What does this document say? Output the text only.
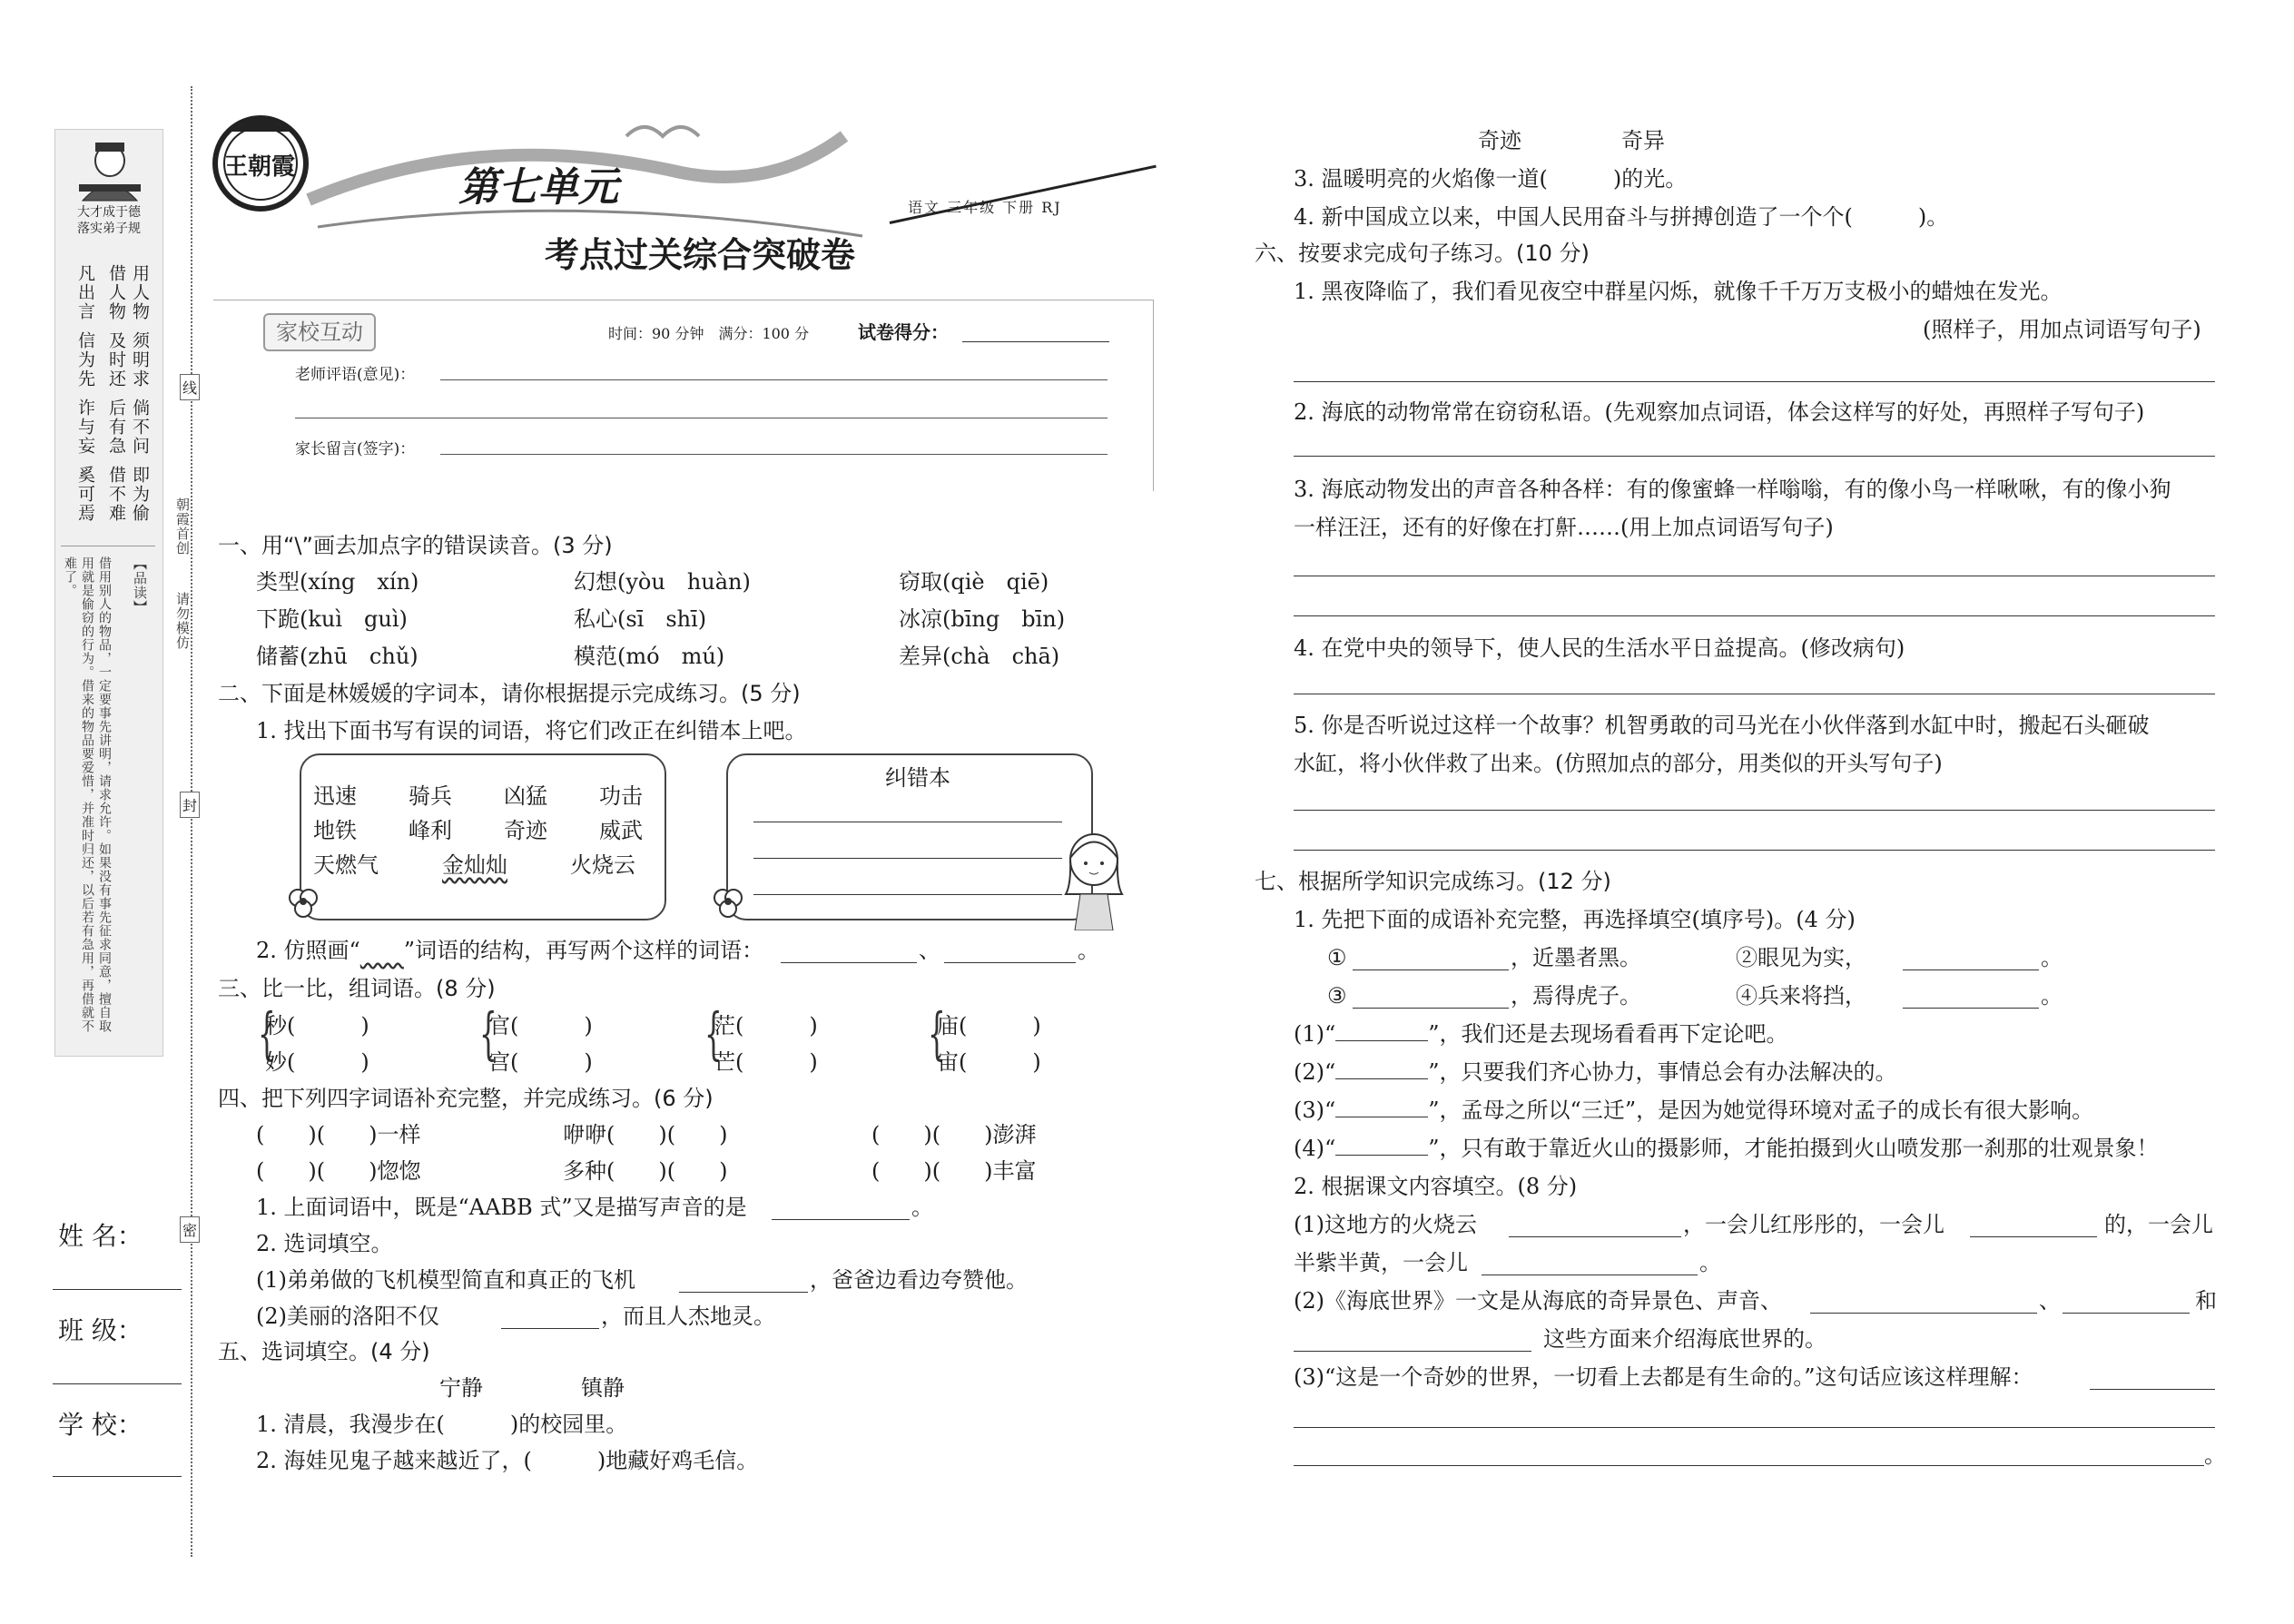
大才成于德
落实弟子规
用人物
须明求
倘不问
即为偷
借人物
及时还
后有急
借不难
凡出言
信为先
诈与妄
奚可焉
【品读】
借用别人的物品，一定要事先讲明，请求允许。如果没有事先征求同意，擅自取用就是偷窃的行为。借来的物品要爱惜，并准时归还，以后若有急用，再借就不难了。
线
封
密
朝霞首创
请勿模仿
姓 名：
班 级：
学 校：
王朝霞	第七单元
考点过关综合突破卷
语文 三年级 下册 RJ
家校互动	时间：90 分钟　满分：100 分	试卷得分：
老师评语(意见)：
家长留言(签字)：
一、用“\”画去加点字的错误读音。(3 分)
类型(xíng　xín)	幻想(yòu　huàn)	窃取(qiè　qiē)
下跪(kuì　guì)	私心(sī　shī)	冰凉(bīng　bīn)
储蓄(zhū　chǔ)	模范(mó　mú)	差异(chà　chā)
二、下面是林媛媛的字词本，请你根据提示完成练习。(5 分)
1. 找出下面书写有误的词语，将它们改正在纠错本上吧。
迅速 骑兵 凶猛 功击
地铁 峰利 奇迹 威武
天燃气	金灿灿	火烧云
纠错本
2. 仿照画“　　 ”词语的结构，再写两个这样的词语：	、	。
三、比一比，组词语。(8 分)
{
秒(　　　)
妙(　　　) {
官(　　　)
宫(　　　) {
茫(　　　)
芒(　　　) {
庙(　　　)
宙(　　　)
四、把下列四字词语补充完整，并完成练习。(6 分)
(　　)(　　)一样	咿咿(　　)(　　)	(　　)(　　)澎湃
(　　)(　　)惚惚	多种(　　)(　　)	(　　)(　　)丰富
1. 上面词语中，既是“AABB 式”又是描写声音的是	。
2. 选词填空。
(1)弟弟做的飞机模型简直和真正的飞机	，爸爸边看边夸赞他。
(2)美丽的洛阳不仅	，而且人杰地灵。
五、选词填空。(4 分)
宁静	镇静
1. 清晨，我漫步在(　　　)的校园里。
2. 海娃见鬼子越来越近了，(　　　)地藏好鸡毛信。
奇迹	奇异
3. 温暖明亮的火焰像一道(　　　)的光。
4. 新中国成立以来，中国人民用奋斗与拼搏创造了一个个(　　　)。
六、按要求完成句子练习。(10 分)
1. 黑夜降临了，我们看见夜空中群星闪烁，就像千千万万支极小的蜡烛在发光。
(照样子，用加点词语写句子)
2. 海底的动物常常在窃窃私语。(先观察加点词语，体会这样写的好处，再照样子写句子)
3. 海底动物发出的声音各种各样：有的像蜜蜂一样嗡嗡，有的像小鸟一样啾啾，有的像小狗
一样汪汪，还有的好像在打鼾……(用上加点词语写句子)
4. 在党中央的领导下，使人民的生活水平日益提高。(修改病句)
5. 你是否听说过这样一个故事？机智勇敢的司马光在小伙伴落到水缸中时，搬起石头砸破
水缸，将小伙伴救了出来。(仿照加点的部分，用类似的开头写句子)
七、根据所学知识完成练习。(12 分)
1. 先把下面的成语补充完整，再选择填空(填序号)。(4 分)
①	，近墨者黑。	②眼见为实，	。
③	，焉得虎子。	④兵来将挡，	。
(1)“	”，我们还是去现场看看再下定论吧。
(2)“	”，只要我们齐心协力，事情总会有办法解决的。
(3)“	”，孟母之所以“三迁”，是因为她觉得环境对孟子的成长有很大影响。
(4)“	”，只有敢于靠近火山的摄影师，才能拍摄到火山喷发那一刹那的壮观景象！
2. 根据课文内容填空。(8 分)
(1)这地方的火烧云	，一会儿红彤彤的，一会儿	的，一会儿
半紫半黄，一会儿	。
(2)《海底世界》一文是从海底的奇异景色、声音、	、	和
这些方面来介绍海底世界的。
(3)“这是一个奇妙的世界，一切看上去都是有生命的。”这句话应该这样理解：
。
